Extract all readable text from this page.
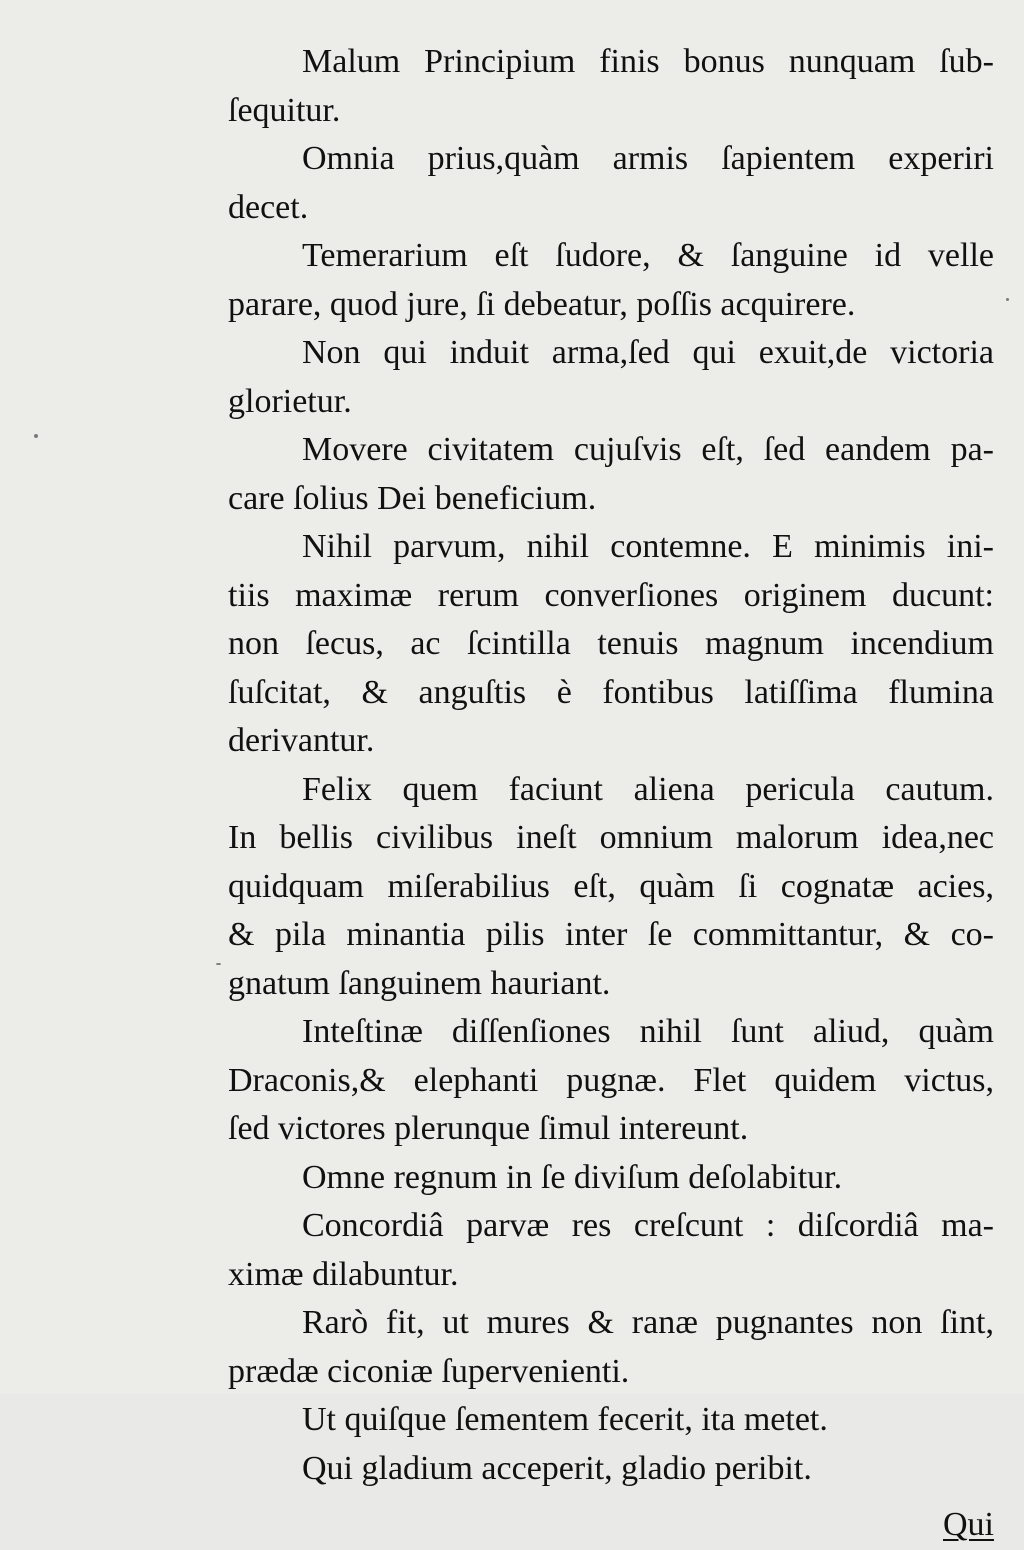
Malum Principium finis bonus nunquam ſub-
ſequitur.
Omnia prius,quàm armis ſapientem experiri
decet.
Temerarium eſt ſudore, & ſanguine id velle
parare, quod jure, ſi debeatur, poſſis acquirere.
Non qui induit arma,ſed qui exuit,de victoria
glorietur.
Movere civitatem cujuſvis eſt, ſed eandem pa-
care ſolius Dei beneficium.
Nihil parvum, nihil contemne. E minimis ini-
tiis maximæ rerum converſiones originem ducunt:
non ſecus, ac ſcintilla tenuis magnum incendium
ſuſcitat, & anguſtis è fontibus latiſſima flumina
derivantur.
Felix quem faciunt aliena pericula cautum.
In bellis civilibus ineſt omnium malorum idea,nec
quidquam miſerabilius eſt, quàm ſi cognatæ acies,
& pila minantia pilis inter ſe committantur, & co-
gnatum ſanguinem hauriant.
Inteſtinæ diſſenſiones nihil ſunt aliud, quàm
Draconis,& elephanti pugnæ. Flet quidem victus,
ſed victores plerunque ſimul intereunt.
Omne regnum in ſe diviſum deſolabitur.
Concordiâ parvæ res creſcunt : diſcordiâ ma-
ximæ dilabuntur.
Rarò fit, ut mures & ranæ pugnantes non ſint,
prædæ ciconiæ ſupervenienti.
Ut quiſque ſementem fecerit, ita metet.
Qui gladium acceperit, gladio peribit.
Qui
